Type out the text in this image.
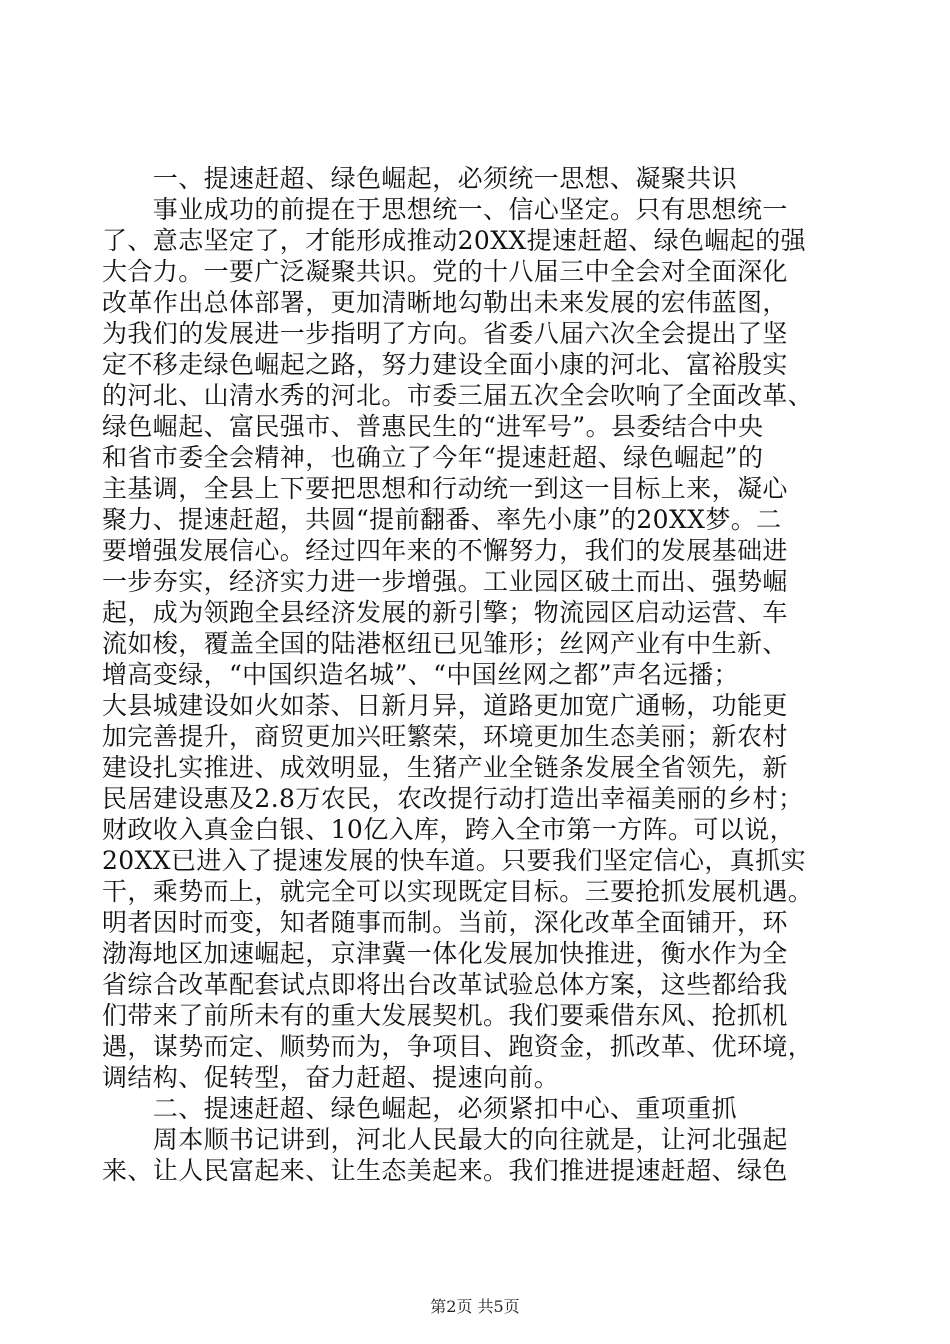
　　一、提速赶超、绿色崛起，必须统一思想、凝聚共识
　　事业成功的前提在于思想统一、信心坚定。只有思想统一
了、意志坚定了，才能形成推动20XX提速赶超、绿色崛起的强
大合力。一要广泛凝聚共识。党的十八届三中全会对全面深化
改革作出总体部署，更加清晰地勾勒出未来发展的宏伟蓝图，
为我们的发展进一步指明了方向。省委八届六次全会提出了坚
定不移走绿色崛起之路，努力建设全面小康的河北、富裕殷实
的河北、山清水秀的河北。市委三届五次全会吹响了全面改革、
绿色崛起、富民强市、普惠民生的“进军号”。县委结合中央
和省市委全会精神，也确立了今年“提速赶超、绿色崛起”的
主基调，全县上下要把思想和行动统一到这一目标上来，凝心
聚力、提速赶超，共圆“提前翻番、率先小康”的20XX梦。二
要增强发展信心。经过四年来的不懈努力，我们的发展基础进
一步夯实，经济实力进一步增强。工业园区破土而出、强势崛
起，成为领跑全县经济发展的新引擎；物流园区启动运营、车
流如梭，覆盖全国的陆港枢纽已见雏形；丝网产业有中生新、
增高变绿，“中国织造名城”、“中国丝网之都”声名远播；
大县城建设如火如荼、日新月异，道路更加宽广通畅，功能更
加完善提升，商贸更加兴旺繁荣，环境更加生态美丽；新农村
建设扎实推进、成效明显，生猪产业全链条发展全省领先，新
民居建设惠及2.8万农民，农改提行动打造出幸福美丽的乡村；
财政收入真金白银、10亿入库，跨入全市第一方阵。可以说，
20XX已进入了提速发展的快车道。只要我们坚定信心，真抓实
干，乘势而上，就完全可以实现既定目标。三要抢抓发展机遇。
明者因时而变，知者随事而制。当前，深化改革全面铺开，环
渤海地区加速崛起，京津冀一体化发展加快推进，衡水作为全
省综合改革配套试点即将出台改革试验总体方案，这些都给我
们带来了前所未有的重大发展契机。我们要乘借东风、抢抓机
遇，谋势而定、顺势而为，争项目、跑资金，抓改革、优环境，
调结构、促转型，奋力赶超、提速向前。
　　二、提速赶超、绿色崛起，必须紧扣中心、重项重抓
　　周本顺书记讲到，河北人民最大的向往就是，让河北强起
来、让人民富起来、让生态美起来。我们推进提速赶超、绿色
第2页 共5页
